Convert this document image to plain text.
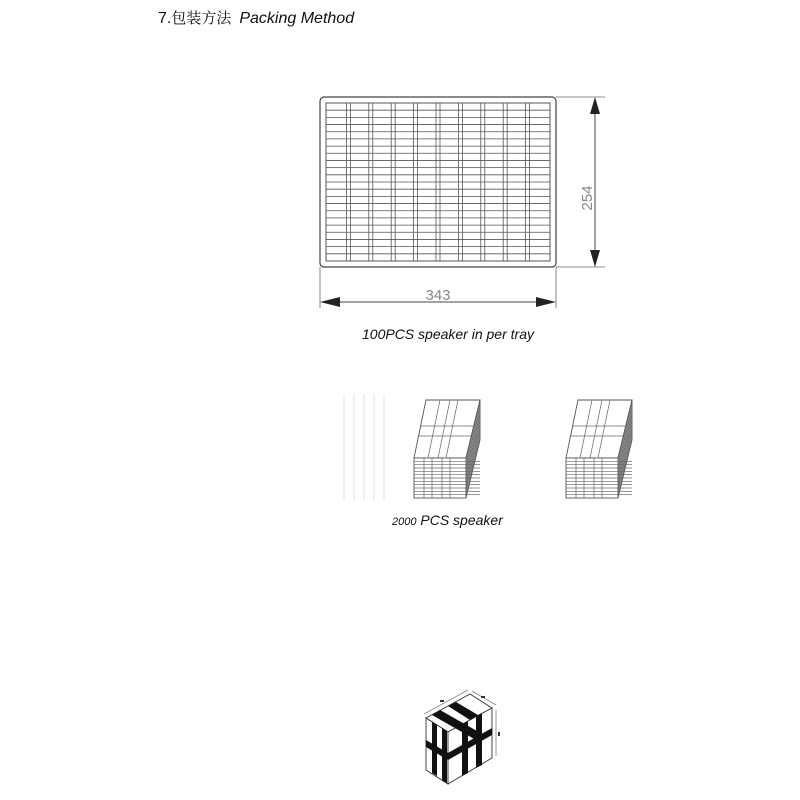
7.包装方法 Packing Method
254
343
100PCS speaker in per tray
2000 PCS speaker
